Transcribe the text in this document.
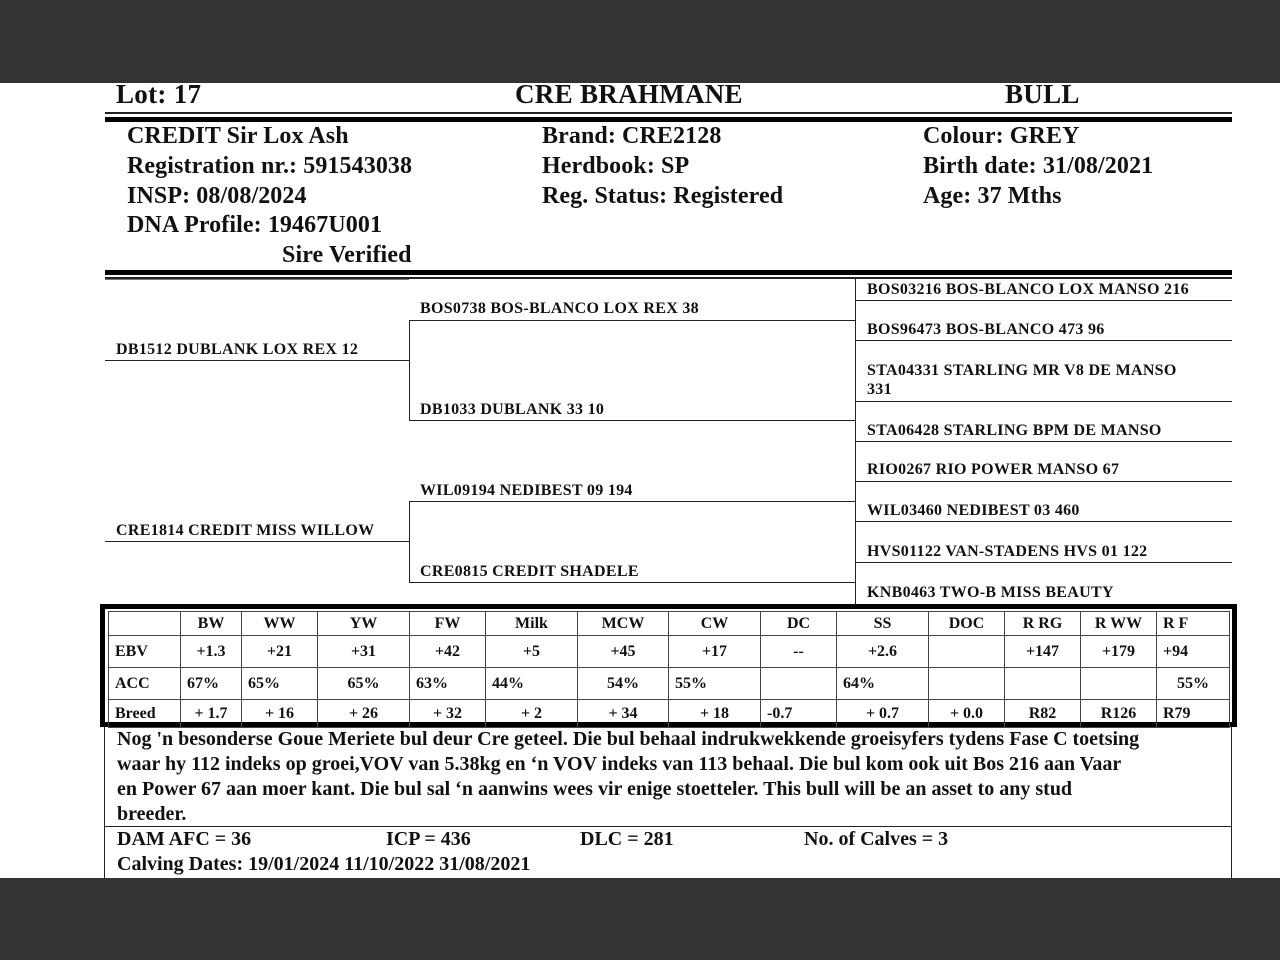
Lot: 17	CRE BRAHMANE	BULL
CREDIT Sir Lox Ash
Registration nr.: 591543038
INSP: 08/08/2024
DNA Profile: 19467U001
Sire Verified
Brand: CRE2128
Herdbook: SP
Reg. Status: Registered
Colour: GREY
Birth date: 31/08/2021
Age: 37 Mths
DB1512 DUBLANK LOX REX 12
CRE1814 CREDIT MISS WILLOW
BOS0738 BOS-BLANCO LOX REX 38
DB1033 DUBLANK 33 10
WIL09194 NEDIBEST 09 194
CRE0815 CREDIT SHADELE
BOS03216 BOS-BLANCO LOX MANSO 216
BOS96473 BOS-BLANCO 473 96
STA04331 STARLING MR V8 DE MANSO
331
STA06428 STARLING BPM DE MANSO
RIO0267 RIO POWER MANSO 67
WIL03460 NEDIBEST 03 460
HVS01122 VAN-STADENS HVS 01 122
KNB0463 TWO-B MISS BEAUTY
	BW	WW	YW	FW	Milk	MCW	CW	DC	SS	DOC	R RG	R WW	R F
EBV	+1.3	+21	+31	+42	+5	+45	+17	--	+2.6		+147	+179	+94
ACC	67%	65%	65%	63%	44%	54%	55%		64%				55%
Breed	+ 1.7	+ 16	+ 26	+ 32	+ 2	+ 34	+ 18	-0.7	+ 0.7	+ 0.0	R82	R126	R79
Nog 'n besonderse Goue Meriete bul deur Cre geteel. Die bul behaal indrukwekkende groeisyfers tydens Fase C toetsing
waar hy 112 indeks op groei,VOV van 5.38kg en ‘n VOV indeks van 113 behaal. Die bul kom ook uit Bos 216 aan Vaar
en Power 67 aan moer kant. Die bul sal ‘n aanwins wees vir enige stoetteler. This bull will be an asset to any stud
breeder.
DAM AFC = 36	ICP = 436	DLC = 281	No. of Calves = 3
Calving Dates: 19/01/2024 11/10/2022 31/08/2021
